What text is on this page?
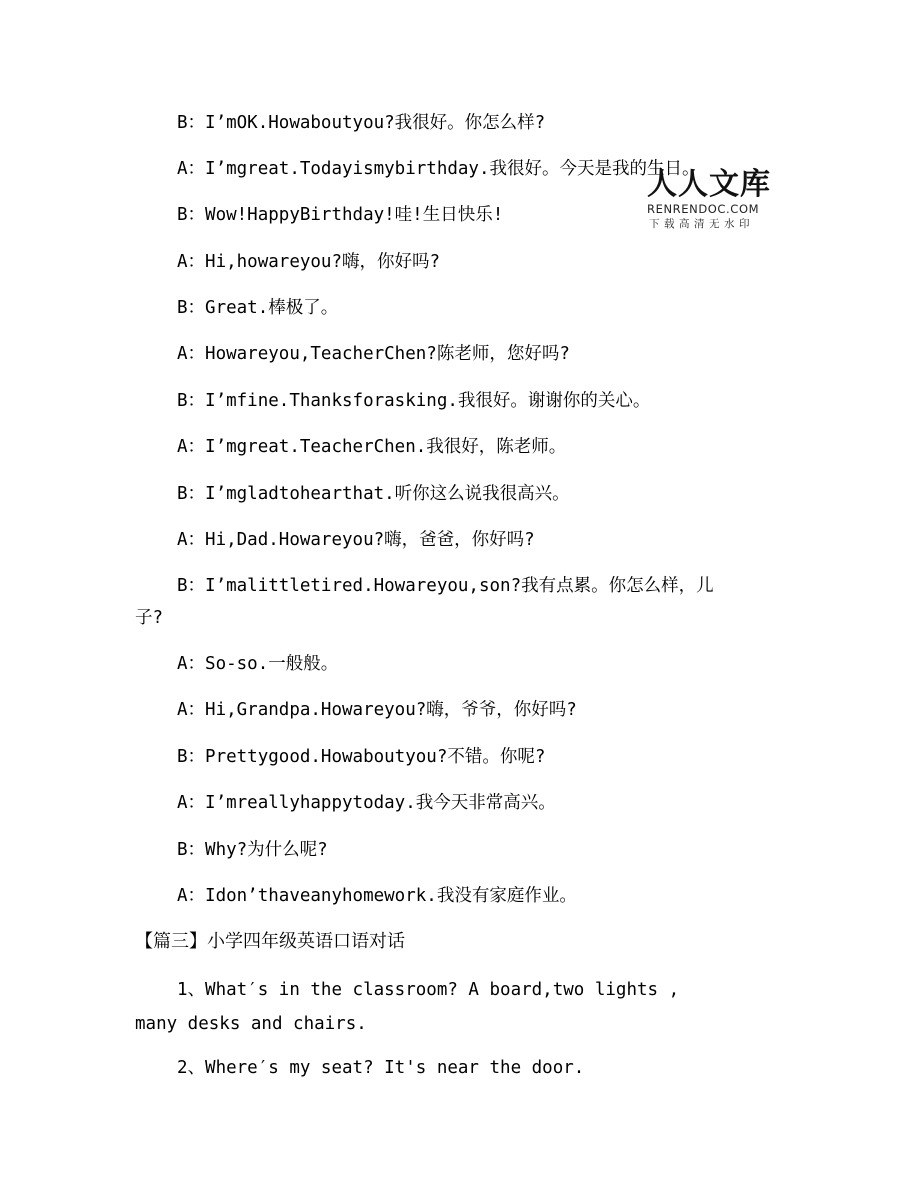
B：I’mOK.Howaboutyou?我很好。你怎么样?
A：I’mgreat.Todayismybirthday.我很好。今天是我的生日。
B：Wow!HappyBirthday!哇!生日快乐!
A：Hi,howareyou?嗨，你好吗?
B：Great.棒极了。
A：Howareyou,TeacherChen?陈老师，您好吗?
B：I’mfine.Thanksforasking.我很好。谢谢你的关心。
A：I’mgreat.TeacherChen.我很好，陈老师。
B：I’mgladtohearthat.听你这么说我很高兴。
A：Hi,Dad.Howareyou?嗨，爸爸，你好吗?
B：I’malittletired.Howareyou,son?我有点累。你怎么样，儿
子?
A：So-so.一般般。
A：Hi,Grandpa.Howareyou?嗨，爷爷，你好吗?
B：Prettygood.Howaboutyou?不错。你呢?
A：I’mreallyhappytoday.我今天非常高兴。
B：Why?为什么呢?
A：Idon’thaveanyhomework.我没有家庭作业。
【篇三】小学四年级英语口语对话
1、What′s in the classroom? A board,two lights ,
many desks and chairs.
2、Where′s my seat? It's near the door.
人人文库
RENRENDOC.COM
下载高清无水印
